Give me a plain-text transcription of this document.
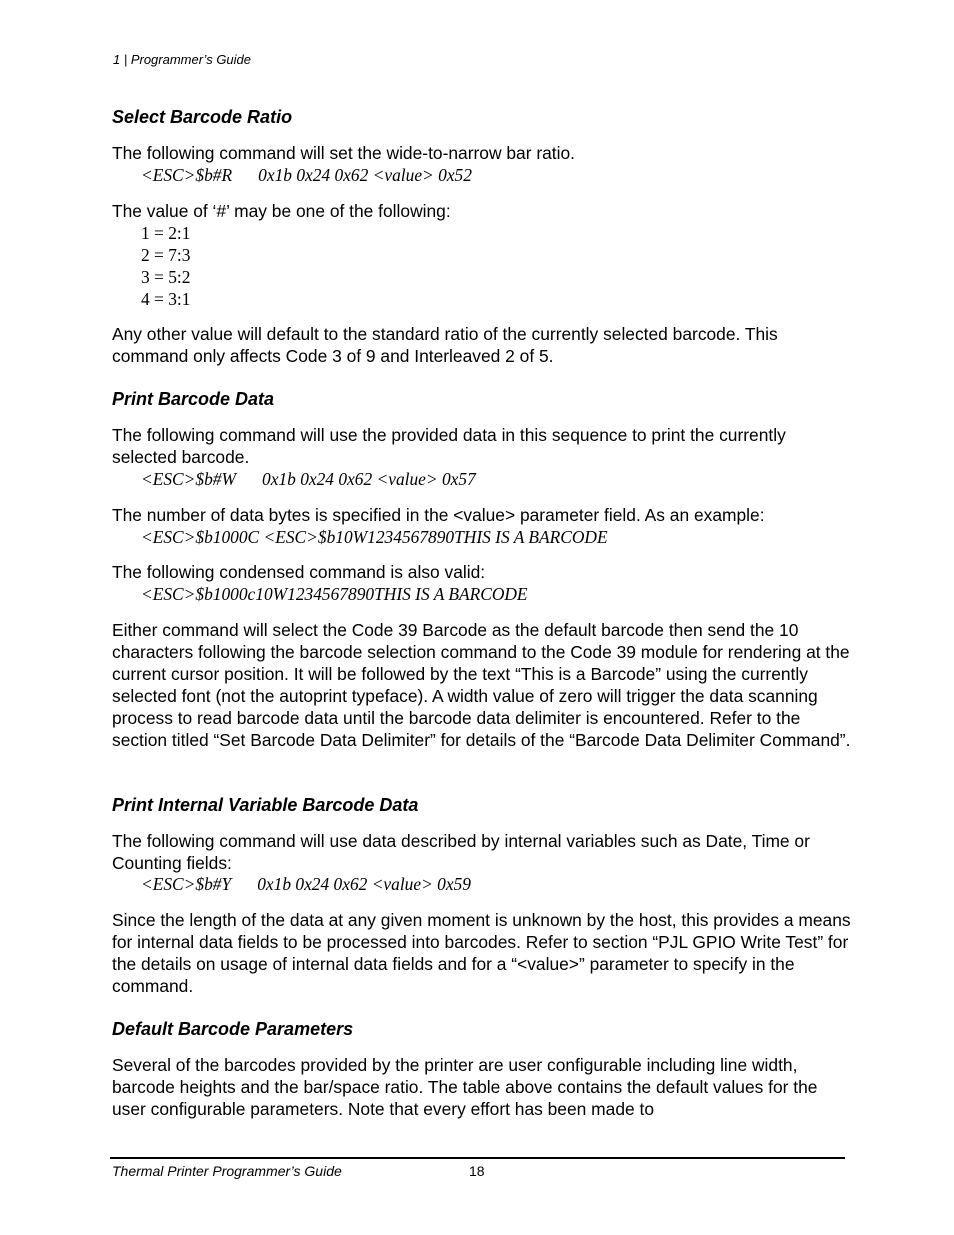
1 | Programmer’s Guide
Select Barcode Ratio
The following command will set the wide-to-narrow bar ratio.
<ESC>$b#R      0x1b 0x24 0x62 <value> 0x52
The value of ‘#’ may be one of the following:
1 = 2:1
2 = 7:3
3 = 5:2
4 = 3:1
Any other value will default to the standard ratio of the currently selected barcode. This command only affects Code 3 of 9 and Interleaved 2 of 5.
Print Barcode Data
The following command will use the provided data in this sequence to print the currently selected barcode.
<ESC>$b#W      0x1b 0x24 0x62 <value> 0x57
The number of data bytes is specified in the <value> parameter field. As an example:
<ESC>$b1000C <ESC>$b10W1234567890THIS IS A BARCODE
The following condensed command is also valid:
<ESC>$b1000c10W1234567890THIS IS A BARCODE
Either command will select the Code 39 Barcode as the default barcode then send the 10 characters following the barcode selection command to the Code 39 module for rendering at the current cursor position. It will be followed by the text “This is a Barcode” using the currently selected font (not the autoprint typeface). A width value of zero will trigger the data scanning process to read barcode data until the barcode data delimiter is encountered. Refer to the section titled “Set Barcode Data Delimiter” for details of the “Barcode Data Delimiter Command”.
Print Internal Variable Barcode Data
The following command will use data described by internal variables such as Date, Time or Counting fields:
<ESC>$b#Y      0x1b 0x24 0x62 <value> 0x59
Since the length of the data at any given moment is unknown by the host, this provides a means for internal data fields to be processed into barcodes. Refer to section “PJL GPIO Write Test” for the details on usage of internal data fields and for a “<value>” parameter to specify in the command.
Default Barcode Parameters
Several of the barcodes provided by the printer are user configurable including line width, barcode heights and the bar/space ratio. The table above contains the default values for the user configurable parameters. Note that every effort has been made to
Thermal Printer Programmer’s Guide	18
